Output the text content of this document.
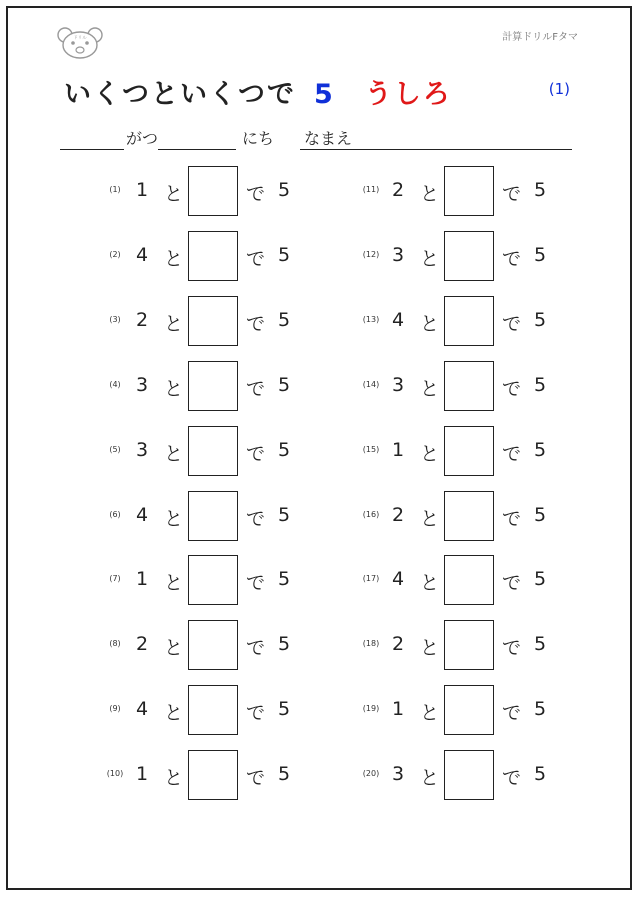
ドリル	計算ドリルFタマ
いくつといくつで 5 うしろ	(1)
がつ	にち なまえ
(1) 1 と	で 5
(2) 4 と	で 5
(3) 2 と	で 5
(4) 3 と	で 5
(5) 3 と	で 5
(6) 4 と	で 5
(7) 1 と	で 5
(8) 2 と	で 5
(9) 4 と	で 5
(10) 1 と	で 5
(11) 2 と	で 5
(12) 3 と	で 5
(13) 4 と	で 5
(14) 3 と	で 5
(15) 1 と	で 5
(16) 2 と	で 5
(17) 4 と	で 5
(18) 2 と	で 5
(19) 1 と	で 5
(20) 3 と	で 5
